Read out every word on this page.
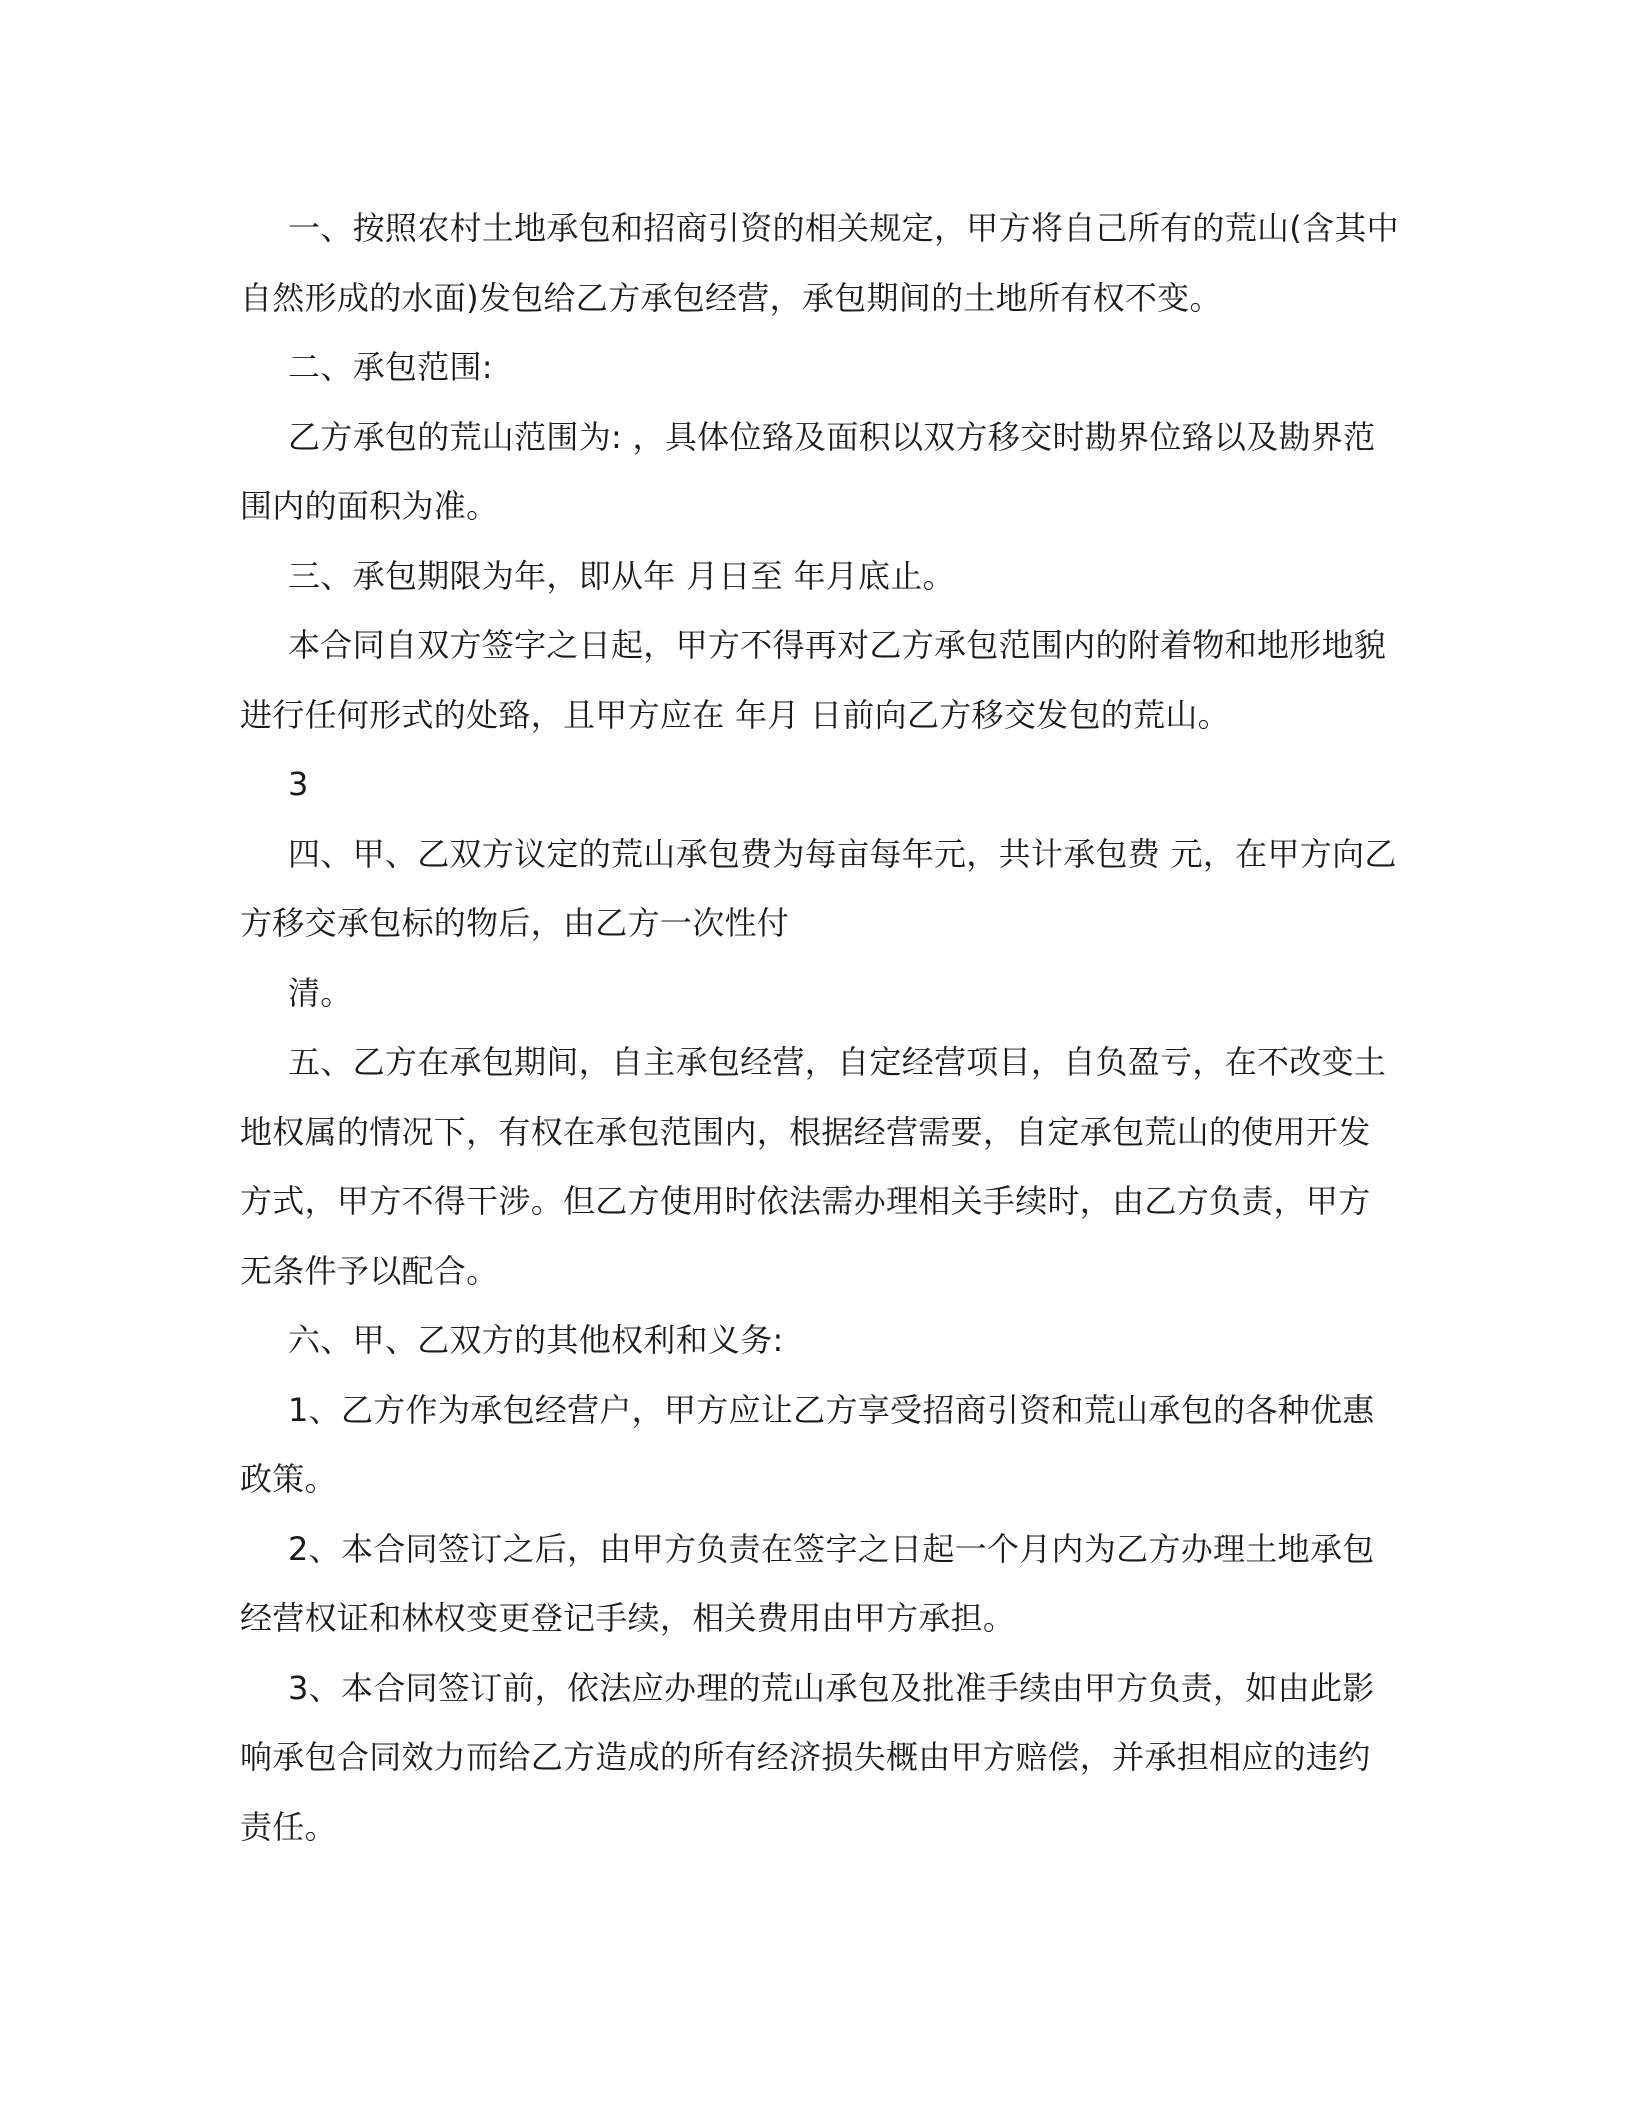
一、按照农村土地承包和招商引资的相关规定，甲方将自己所有的荒山(含其中
自然形成的水面)发包给乙方承包经营，承包期间的土地所有权不变。
二、承包范围:
乙方承包的荒山范围为: ，具体位臵及面积以双方移交时勘界位臵以及勘界范
围内的面积为准。
三、承包期限为年，即从年 月日至 年月底止。
本合同自双方签字之日起，甲方不得再对乙方承包范围内的附着物和地形地貌
进行任何形式的处臵，且甲方应在 年月 日前向乙方移交发包的荒山。
3
四、甲、乙双方议定的荒山承包费为每亩每年元，共计承包费 元，在甲方向乙
方移交承包标的物后，由乙方一次性付
清。
五、乙方在承包期间，自主承包经营，自定经营项目，自负盈亏，在不改变土
地权属的情况下，有权在承包范围内，根据经营需要，自定承包荒山的使用开发
方式，甲方不得干涉。但乙方使用时依法需办理相关手续时，由乙方负责，甲方
无条件予以配合。
六、甲、乙双方的其他权利和义务:
1、乙方作为承包经营户，甲方应让乙方享受招商引资和荒山承包的各种优惠
政策。
2、本合同签订之后，由甲方负责在签字之日起一个月内为乙方办理土地承包
经营权证和林权变更登记手续，相关费用由甲方承担。
3、本合同签订前，依法应办理的荒山承包及批准手续由甲方负责，如由此影
响承包合同效力而给乙方造成的所有经济损失概由甲方赔偿，并承担相应的违约
责任。
